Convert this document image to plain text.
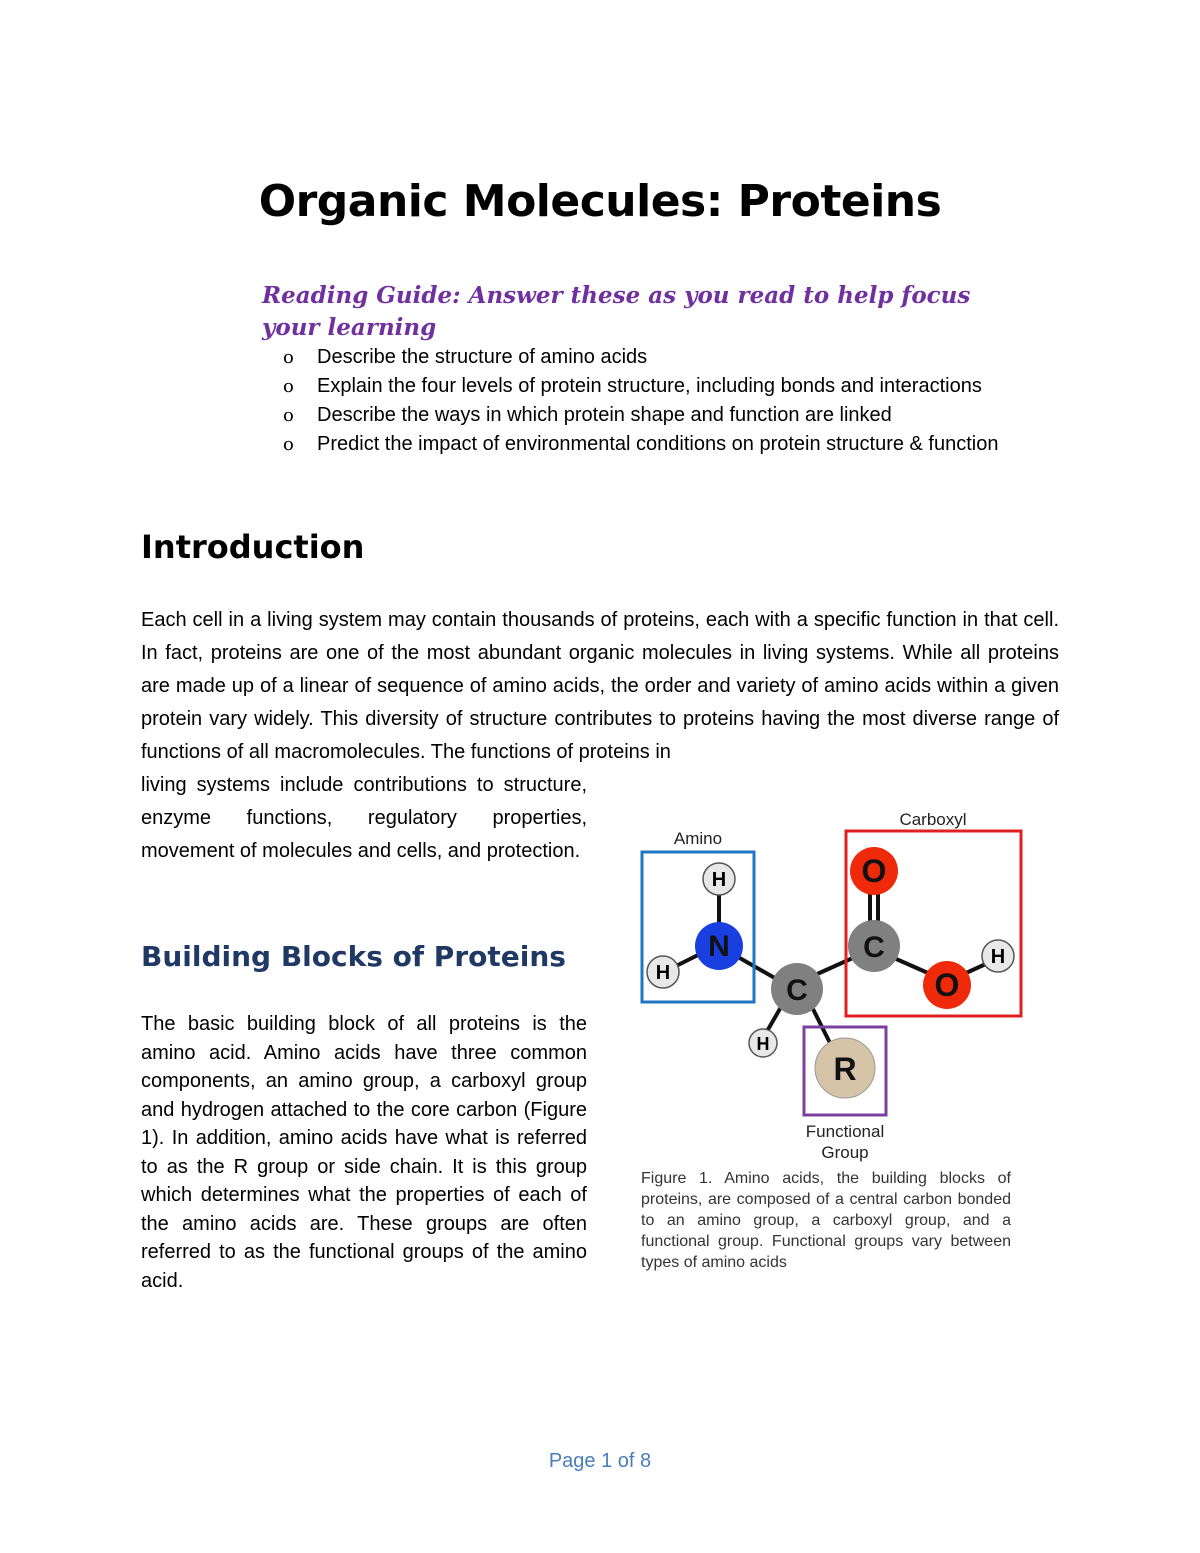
Organic Molecules: Proteins

Reading Guide: Answer these as you read to help focus your learning

o Describe the structure of amino acids
o Explain the four levels of protein structure, including bonds and interactions
o Describe the ways in which protein shape and function are linked
o Predict the impact of environmental conditions on protein structure & function
Introduction

Each cell in a living system may contain thousands of proteins, each with a specific function in that cell. In fact, proteins are one of the most abundant organic molecules in living systems. While all proteins are made up of a linear of sequence of amino acids, the order and variety of amino acids within a given protein vary widely. This diversity of structure contributes to proteins having the most diverse range of functions of all macromolecules. The functions of proteins in

living systems include contributions to structure, enzyme functions, regulatory properties, movement of molecules and cells, and protection.

Building Blocks of Proteins

The basic building block of all proteins is the amino acid. Amino acids have three common components, an amino group, a carboxyl group and hydrogen attached to the core carbon (Figure 1). In addition, amino acids have what is referred to as the R group or side chain. It is this group which determines what the properties of each of the amino acids are. These groups are often referred to as the functional groups of the amino acid.

H
N
H
C
H
R
C
O
O
H
Amino
Carboxyl
Functional
Group

Figure 1. Amino acids, the building blocks of proteins, are composed of a central carbon bonded to an amino group, a carboxyl group, and a functional group. Functional groups vary between types of amino acids

Page 1 of 8
